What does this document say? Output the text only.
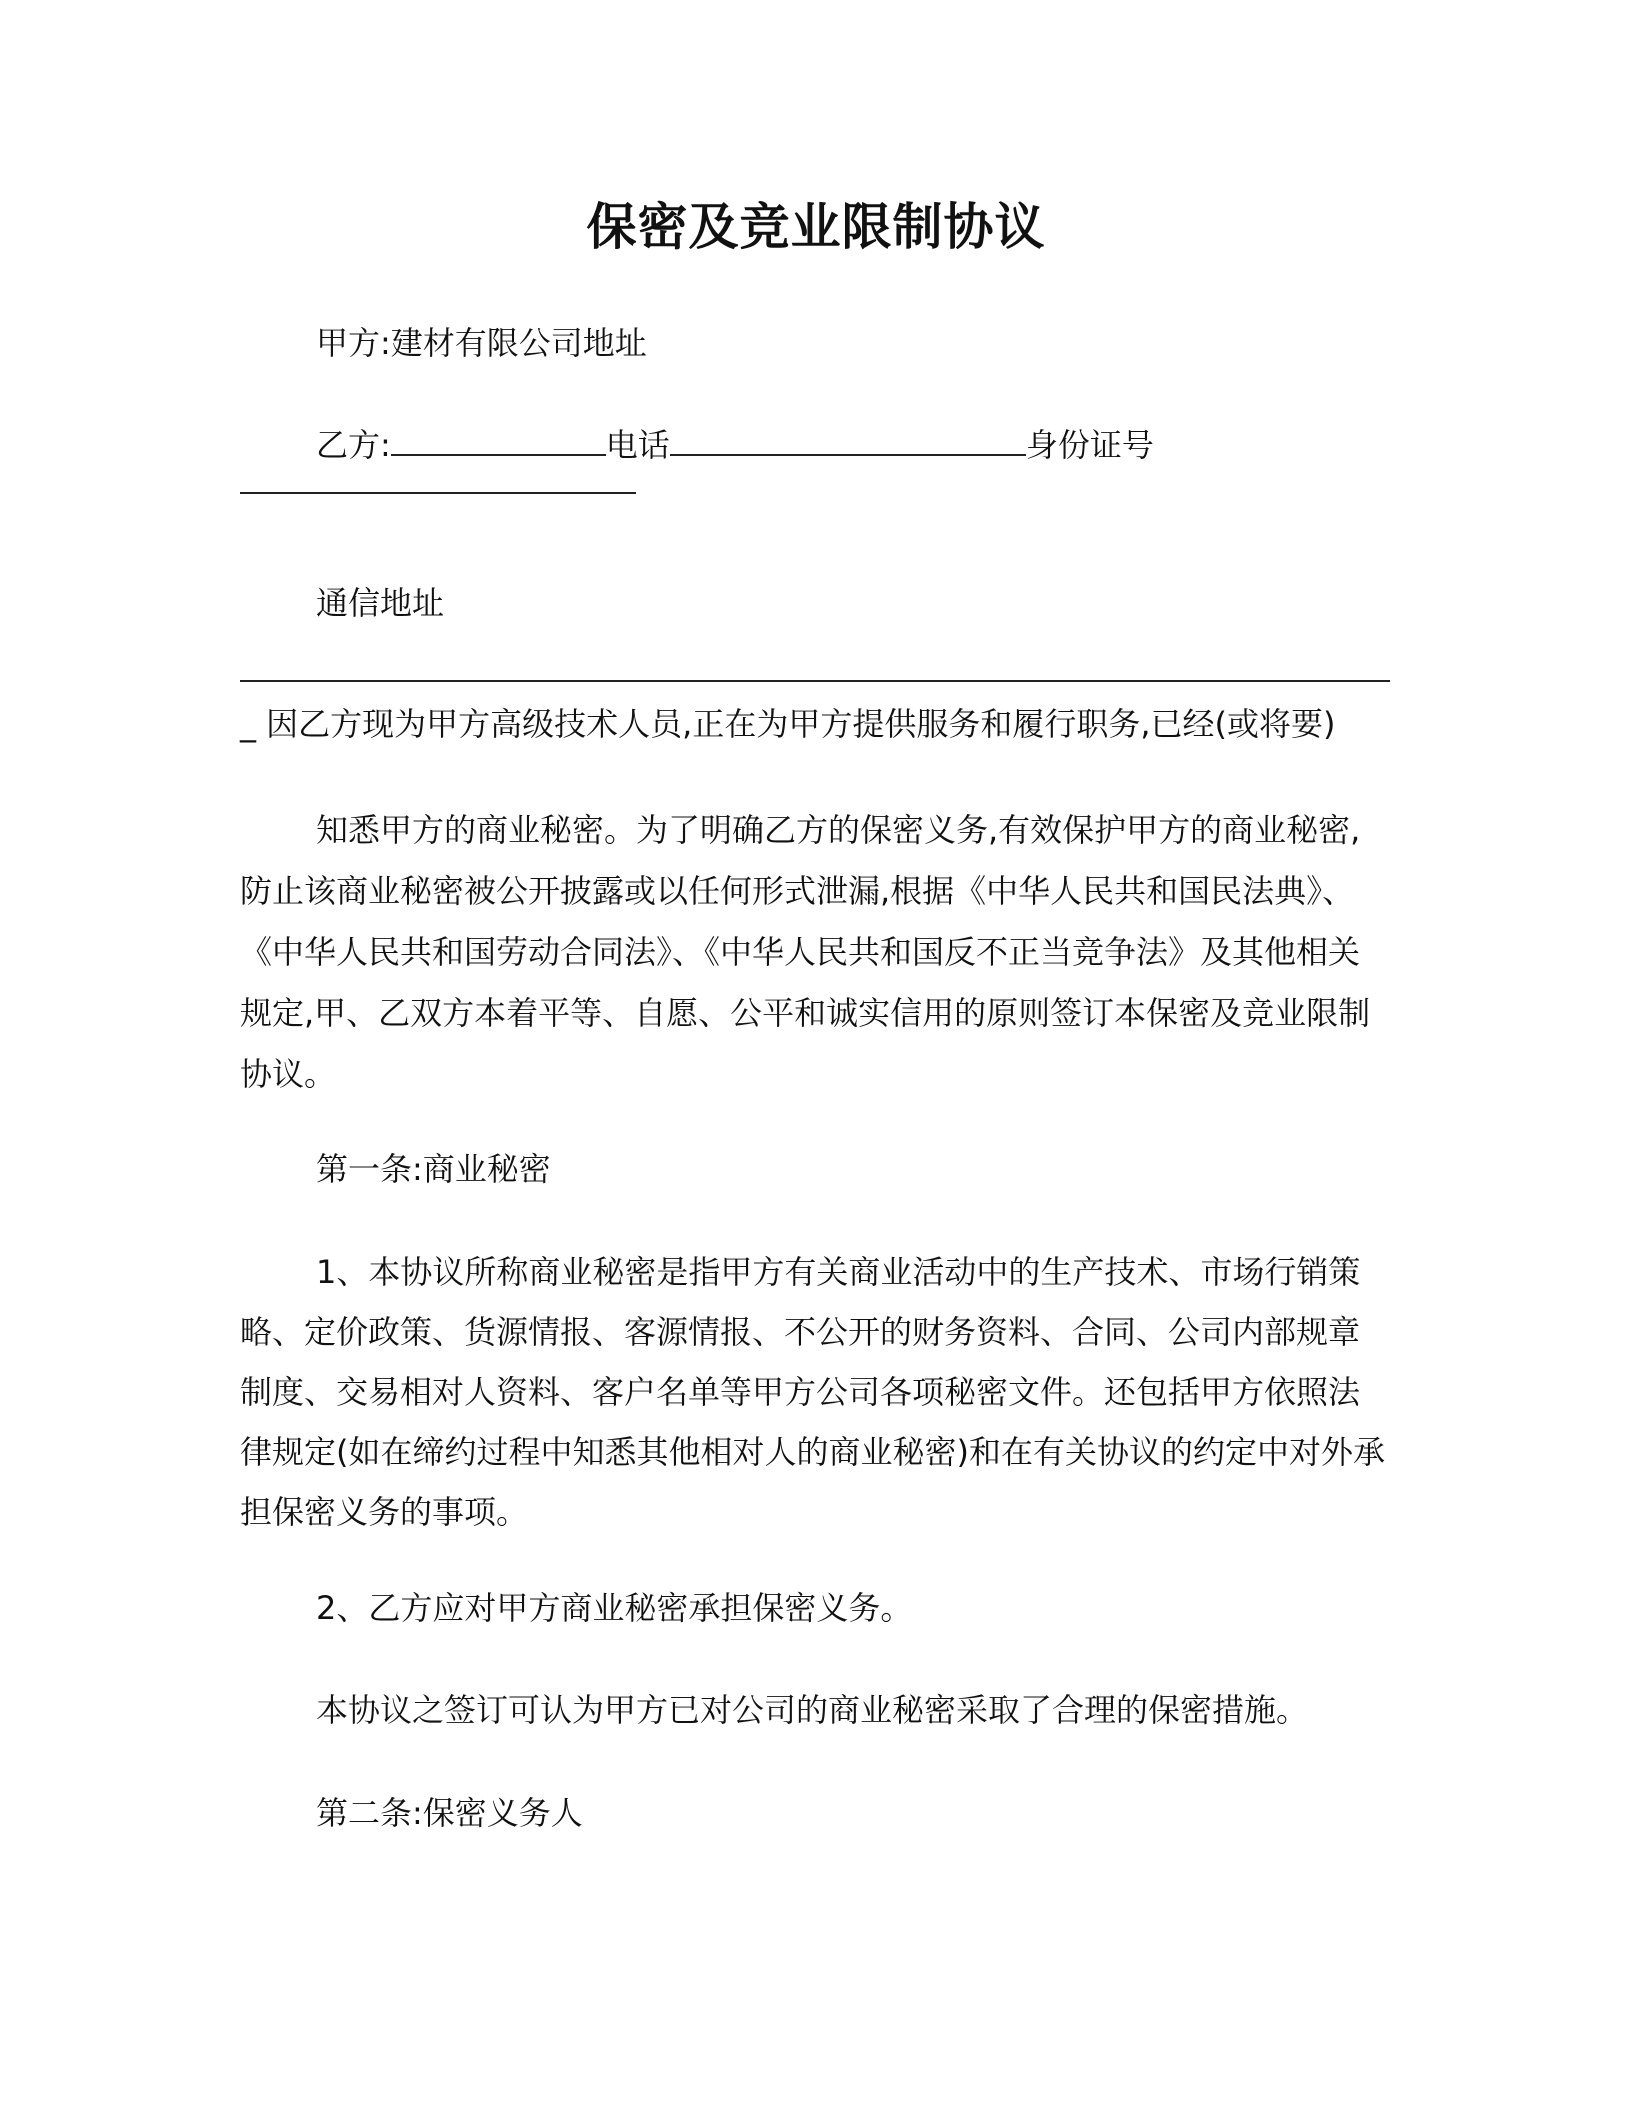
保密及竞业限制协议

甲方:建材有限公司地址

乙方:	电话	身份证号

通信地址

_ 因乙方现为甲方高级技术人员,正在为甲方提供服务和履行职务,已经(或将要)

知悉甲方的商业秘密。为了明确乙方的保密义务,有效保护甲方的商业秘密,防止该商业秘密被公开披露或以任何形式泄漏,根据《中华人民共和国民法典》、《中华人民共和国劳动合同法》、《中华人民共和国反不正当竞争法》及其他相关规定,甲、乙双方本着平等、自愿、公平和诚实信用的原则签订本保密及竞业限制协议。

第一条:商业秘密

1、本协议所称商业秘密是指甲方有关商业活动中的生产技术、市场行销策略、定价政策、货源情报、客源情报、不公开的财务资料、合同、公司内部规章制度、交易相对人资料、客户名单等甲方公司各项秘密文件。还包括甲方依照法律规定(如在缔约过程中知悉其他相对人的商业秘密)和在有关协议的约定中对外承担保密义务的事项。

2、乙方应对甲方商业秘密承担保密义务。

本协议之签订可认为甲方已对公司的商业秘密采取了合理的保密措施。

第二条:保密义务人
